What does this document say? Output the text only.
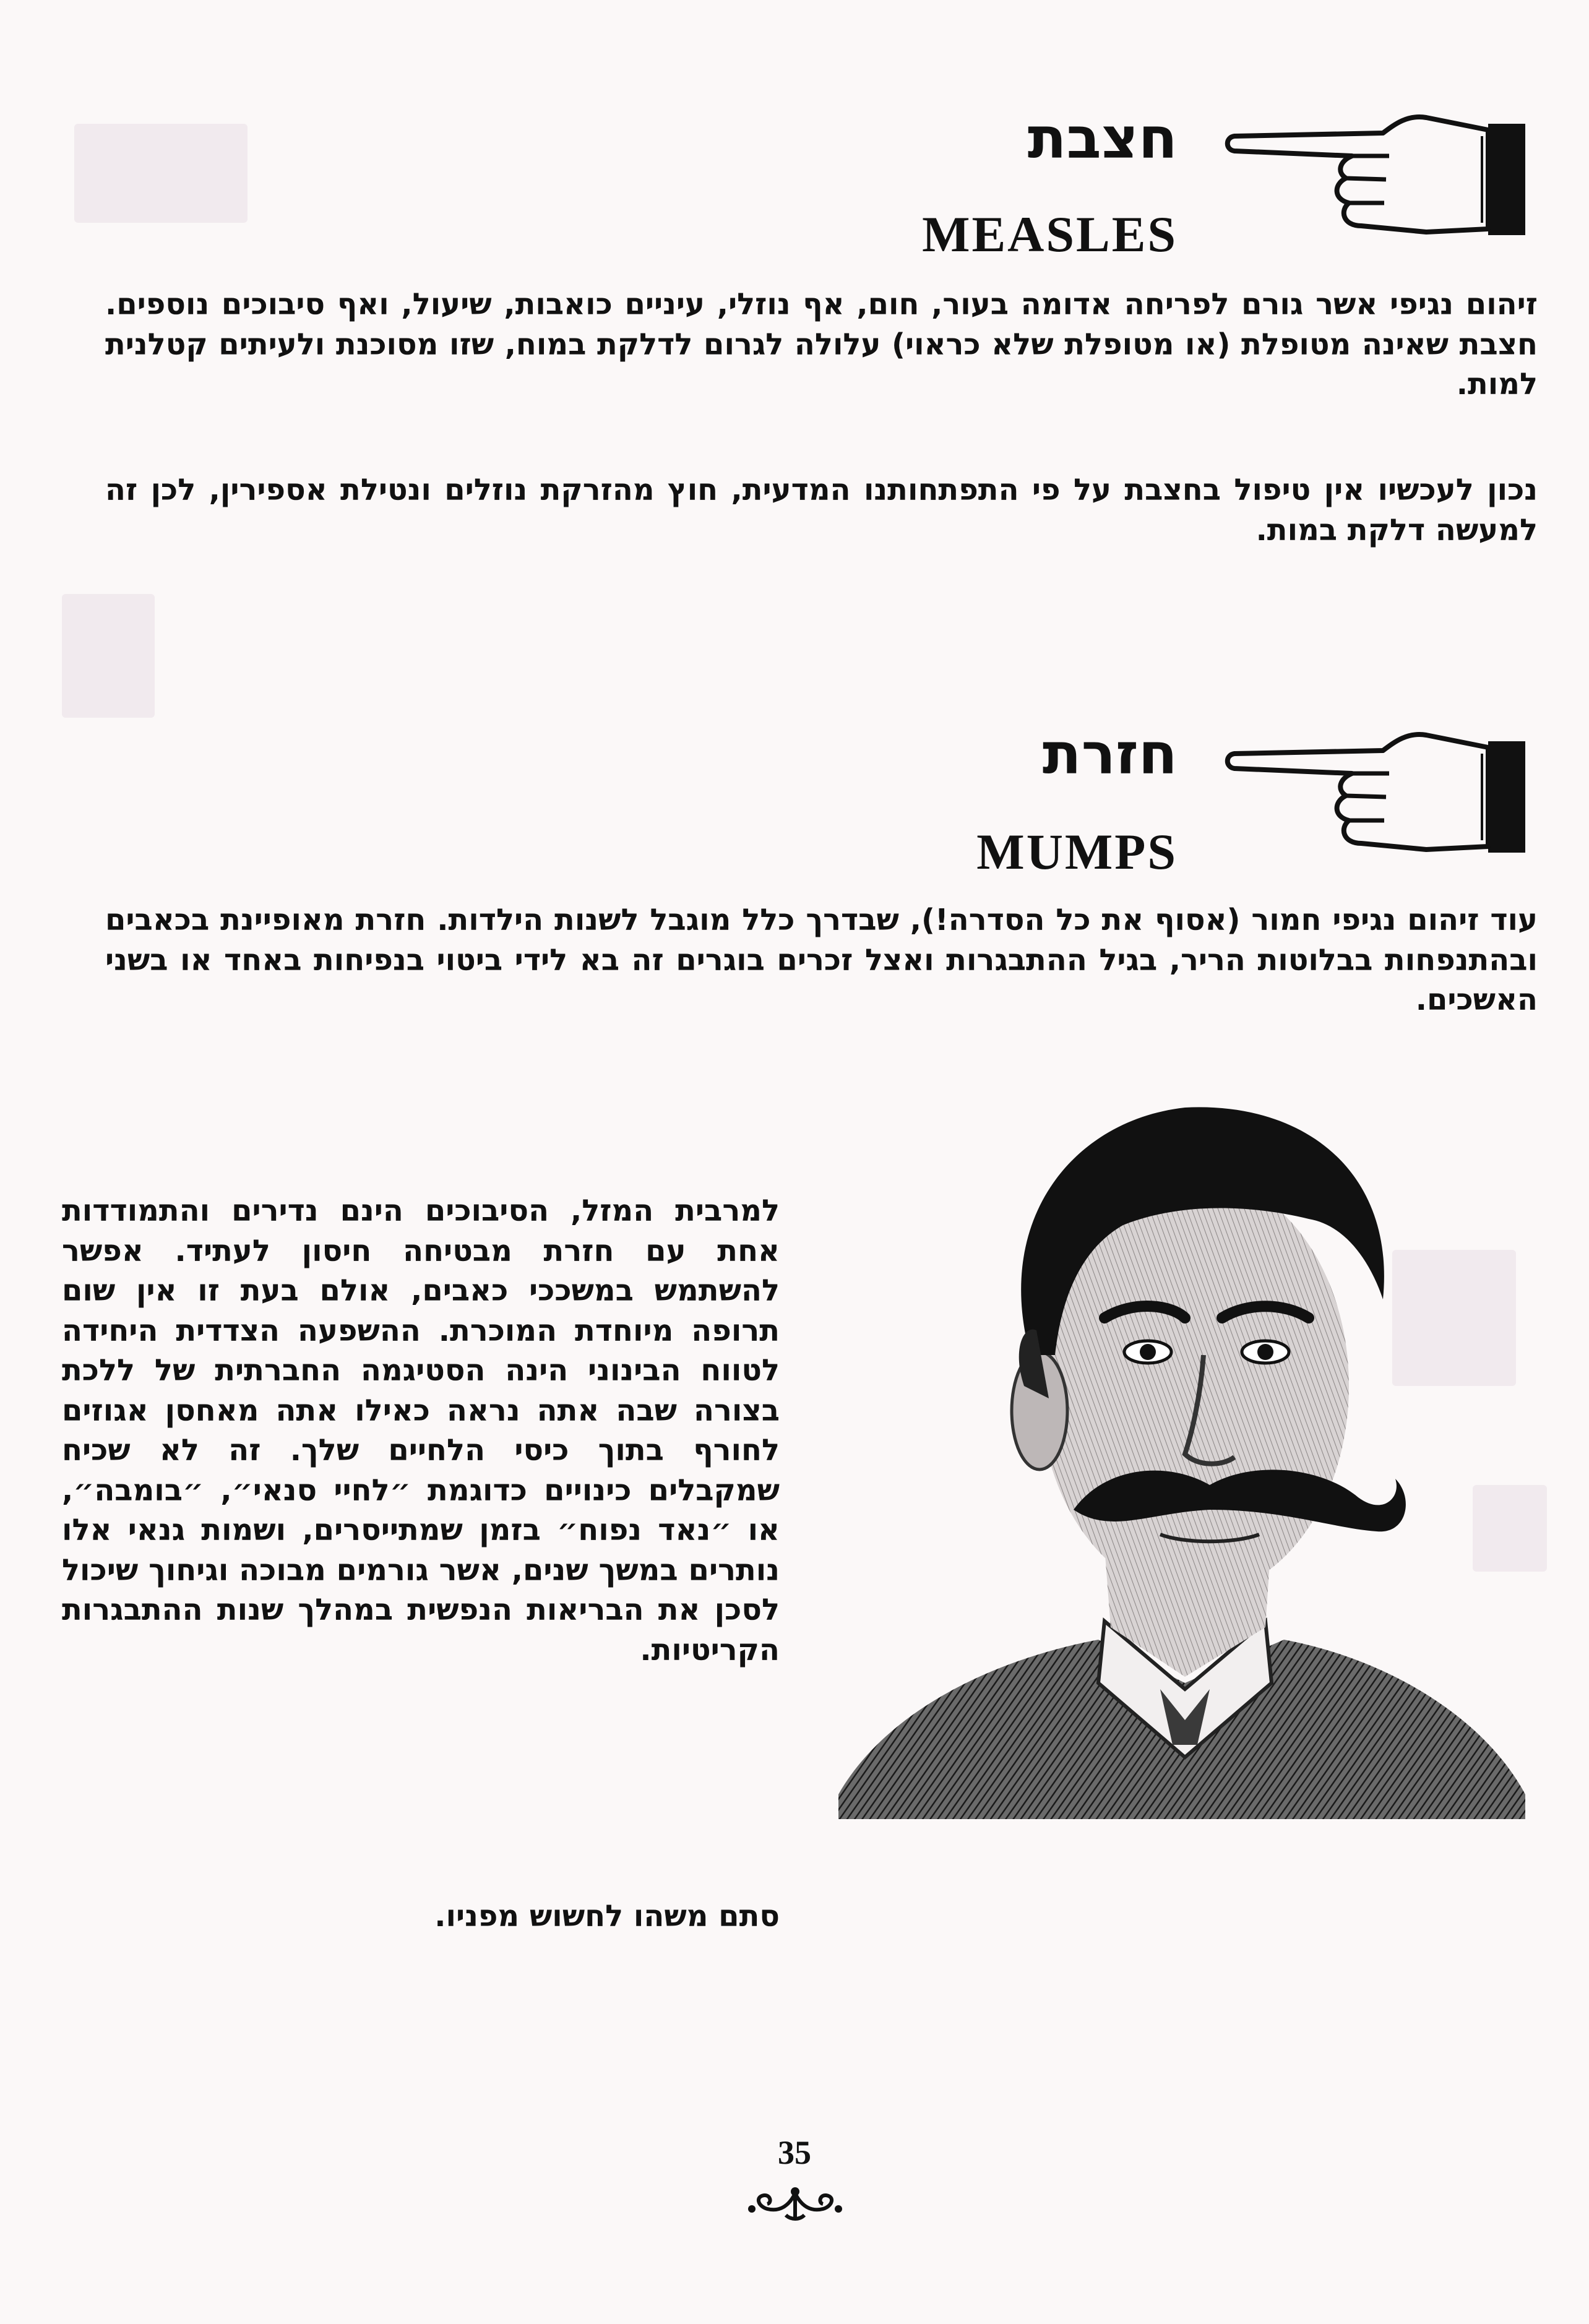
חצבת
MEASLES

זיהום נגיפי אשר גורם לפריחה אדומה בעור, חום, אף נוזלי, עיניים כואבות, שיעול, ואף סיבוכים נוספים. חצבת שאינה מטופלת (או מטופלת שלא כראוי) עלולה לגרום לדלקת במוח, שזו מסוכנת ולעיתים קטלנית למות.

נכון לעכשיו אין טיפול בחצבת על פי התפתחותנו המדעית, חוץ מהזרקת נוזלים ונטילת אספירין, לכן זה למעשה דלקת במות.

חזרת
MUMPS

עוד זיהום נגיפי חמור (אסוף את כל הסדרה!), שבדרך כלל מוגבל לשנות הילדות. חזרת מאופיינת בכאבים ובהתנפחות בבלוטות הריר, בגיל ההתבגרות ואצל זכרים בוגרים זה בא לידי ביטוי בנפיחות באחד או בשני האשכים.

למרבית המזל, הסיבוכים הינם נדירים והתמודדות אחת עם חזרת מבטיחה חיסון לעתיד. אפשר להשתמש במשככי כאבים, אולם בעת זו אין שום תרופה מיוחדת המוכרת. ההשפעה הצדדית היחידה לטווח הבינוני הינה הסטיגמה החברתית של ללכת בצורה שבה אתה נראה כאילו אתה מאחסן אגוזים לחורף בתוך כיסי הלחיים שלך. זה לא שכיח שמקבלים כינויים כדוגמת ״לחיי סנאי״, ״בומבה״, או ״נאד נפוח״ בזמן שמתייסרים, ושמות גנאי אלו נותרים במשך שנים, אשר גורמים מבוכה וגיחוך שיכול לסכן את הבריאות הנפשית במהלך שנות ההתבגרות הקריטיות.

סתם משהו לחשוש מפניו.

35
